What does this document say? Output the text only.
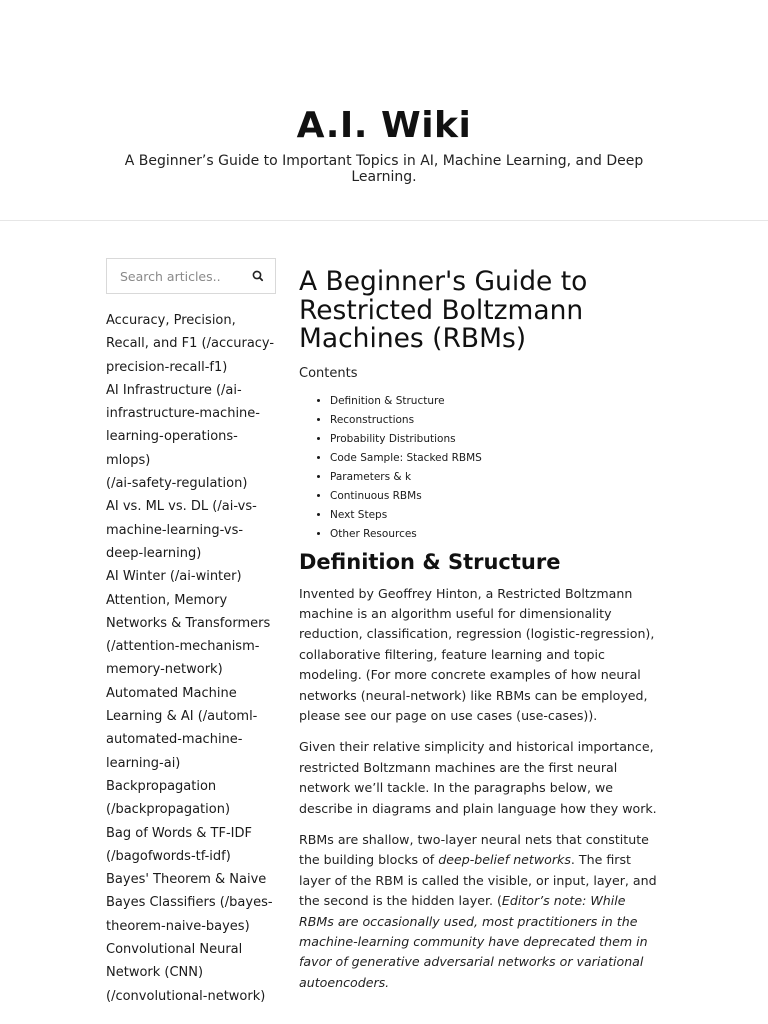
A.I. Wiki

A Beginner’s Guide to Important Topics in AI, Machine Learning, and Deep Learning.

Search articles..
Accuracy, Precision, Recall, and F1 (/accuracy-precision-recall-f1)
AI Infrastructure (/ai-infrastructure-machine-learning-operations-mlops)
(/ai-safety-regulation)
AI vs. ML vs. DL (/ai-vs-machine-learning-vs-deep-learning)
AI Winter (/ai-winter)
Attention, Memory Networks & Transformers (/attention-mechanism-memory-network)
Automated Machine Learning & AI (/automl-automated-machine-learning-ai)
Backpropagation (/backpropagation)
Bag of Words & TF-IDF (/bagofwords-tf-idf)
Bayes' Theorem & Naive Bayes Classifiers (/bayes-theorem-naive-bayes)
Convolutional Neural Network (CNN) (/convolutional-network)
A Beginner's Guide to Restricted Boltzmann Machines (RBMs)
Contents
• Definition & Structure
• Reconstructions
• Probability Distributions
• Code Sample: Stacked RBMS
• Parameters & k
• Continuous RBMs
• Next Steps
• Other Resources
Definition & Structure

Invented by Geoffrey Hinton, a Restricted Boltzmann machine is an algorithm useful for dimensionality reduction, classification, regression (logistic-regression), collaborative filtering, feature learning and topic modeling. (For more concrete examples of how neural networks (neural-network) like RBMs can be employed, please see our page on use cases (use-cases)).

Given their relative simplicity and historical importance, restricted Boltzmann machines are the first neural network we’ll tackle. In the paragraphs below, we describe in diagrams and plain language how they work.

RBMs are shallow, two-layer neural nets that constitute the building blocks of deep-belief networks. The first layer of the RBM is called the visible, or input, layer, and the second is the hidden layer. (Editor’s note: While RBMs are occasionally used, most practitioners in the machine-learning community have deprecated them in favor of generative adversarial networks or variational autoencoders.
